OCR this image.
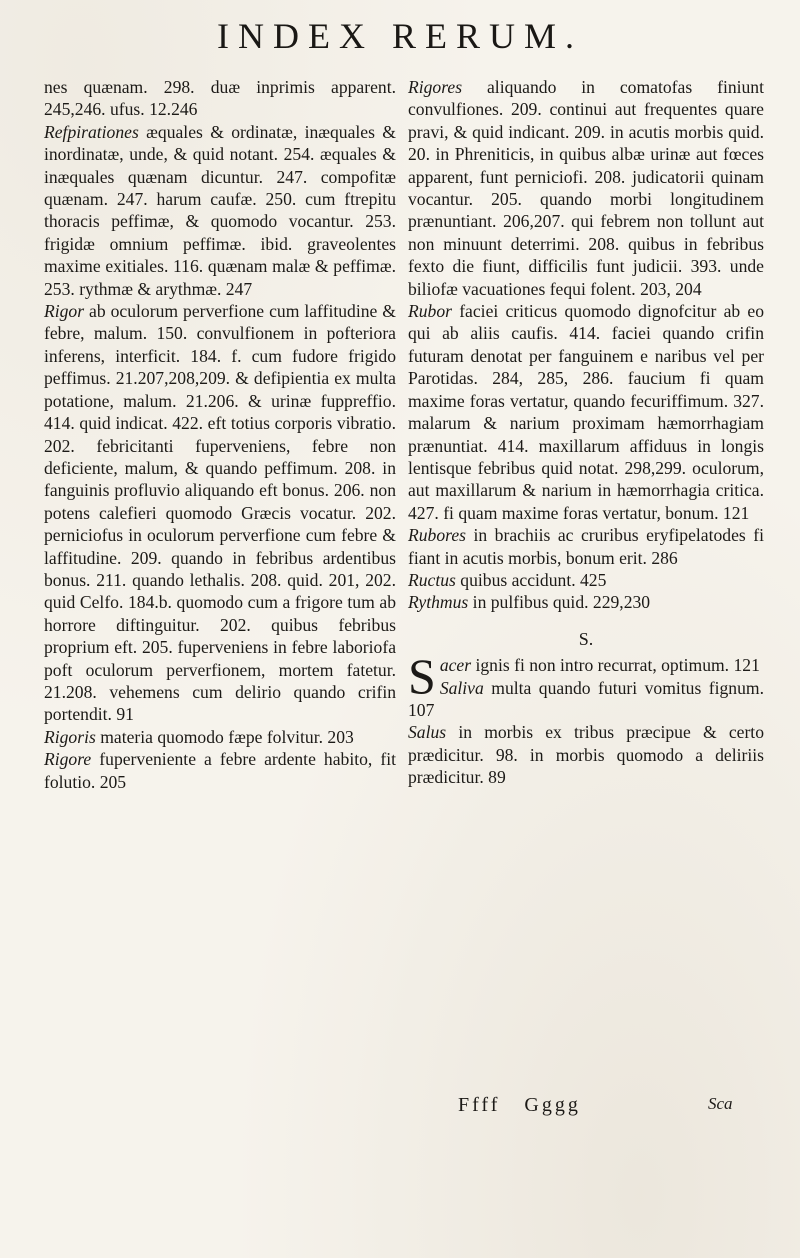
INDEX RERUM.

nes quænam. 298. duæ inprimis apparent. 245,246. ufus. 12.246

Refpirationes æquales & ordinatæ, inæquales & inordinatæ, unde, & quid notant. 254. æquales & inæquales quænam dicuntur. 247. compofitæ quænam. 247. harum caufæ. 250. cum ftrepitu thoracis peffimæ, & quomodo vocantur. 253. frigidæ omnium peffimæ. ibid. graveolentes maxime exitiales. 116. quænam malæ & peffimæ. 253. rythmæ & arythmæ. 247

Rigor ab oculorum perverfione cum laffitudine & febre, malum. 150. convulfionem in pofteriora inferens, interficit. 184. f. cum fudore frigido peffimus. 21.207,208,209. & defipientia ex multa potatione, malum. 21.206. & urinæ fuppreffio. 414. quid indicat. 422. eft totius corporis vibratio. 202. febricitanti fuperveniens, febre non deficiente, malum, & quando peffimum. 208. in fanguinis profluvio aliquando eft bonus. 206. non potens calefieri quomodo Græcis vocatur. 202. perniciofus in oculorum perverfione cum febre & laffitudine. 209. quando in febribus ardentibus bonus. 211. quando lethalis. 208. quid. 201, 202. quid Celfo. 184.b. quomodo cum a frigore tum ab horrore diftinguitur. 202. quibus febribus proprium eft. 205. fuperveniens in febre laboriofa poft oculorum perverfionem, mortem fatetur. 21.208. vehemens cum delirio quando crifin portendit. 91

Rigoris materia quomodo fæpe folvitur. 203

Rigore fuperveniente a febre ardente habito, fit folutio. 205

Rigores aliquando in comatofas finiunt convulfiones. 209. continui aut frequentes quare pravi, & quid indicant. 209. in acutis morbis quid. 20. in Phreniticis, in quibus albæ urinæ aut fœces apparent, funt perniciofi. 208. judicatorii quinam vocantur. 205. quando morbi longitudinem prænuntiant. 206,207. qui febrem non tollunt aut non minuunt deterrimi. 208. quibus in febribus fexto die fiunt, difficilis funt judicii. 393. unde biliofæ vacuationes fequi folent. 203, 204

Rubor faciei criticus quomodo dignofcitur ab eo qui ab aliis caufis. 414. faciei quando crifin futuram denotat per fanguinem e naribus vel per Parotidas. 284, 285, 286. faucium fi quam maxime foras vertatur, quando fecuriffimum. 327. malarum & narium proximam hæmorrhagiam prænuntiat. 414. maxillarum affiduus in longis lentisque febribus quid notat. 298,299. oculorum, aut maxillarum & narium in hæmorrhagia critica. 427. fi quam maxime foras vertatur, bonum. 121

Rubores in brachiis ac cruribus eryfipelatodes fi fiant in acutis morbis, bonum erit. 286

Ructus quibus accidunt. 425

Rythmus in pulfibus quid. 229,230

S.

Sacer ignis fi non intro recurrat, optimum. 121

Saliva multa quando futuri vomitus fignum. 107

Salus in morbis ex tribus præcipue & certo prædicitur. 98. in morbis quomodo a deliriis prædicitur. 89

Ffff Gggg	Sca
